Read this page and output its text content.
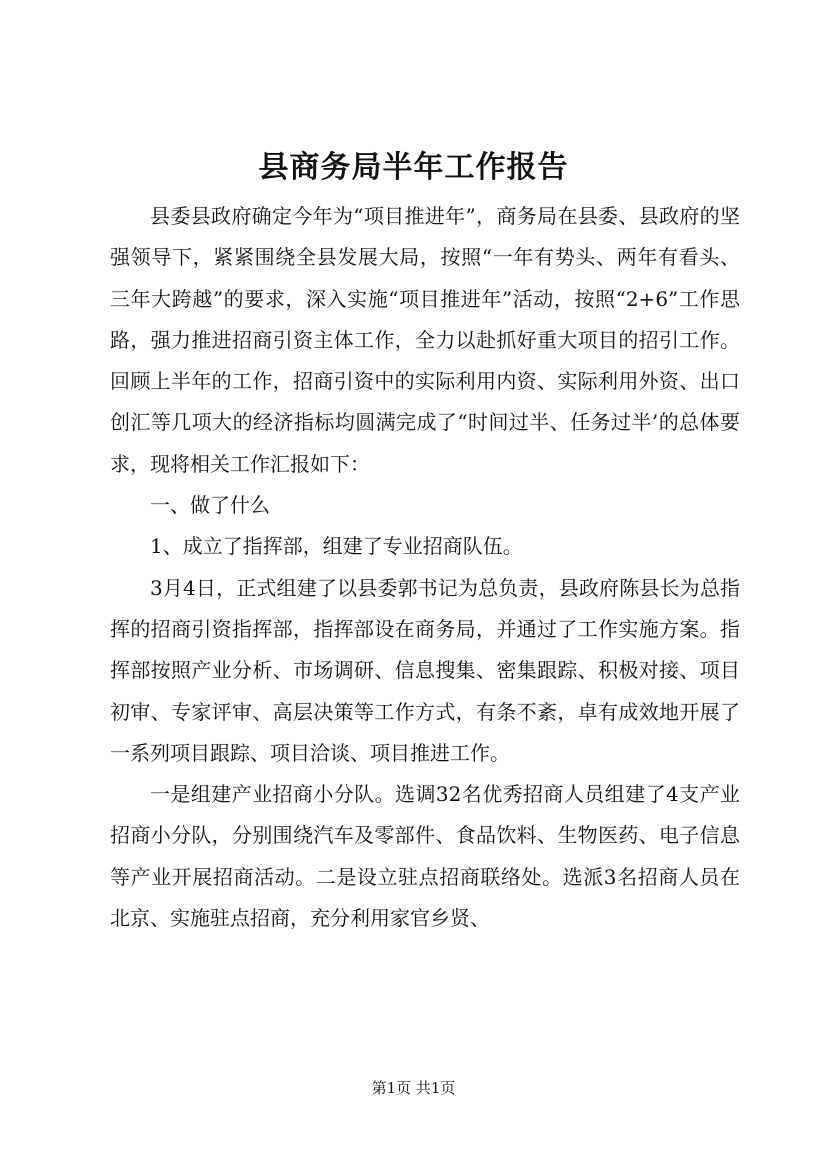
县商务局半年工作报告

县委县政府确定今年为“项目推进年”，商务局在县委、县政府的坚强领导下，紧紧围绕全县发展大局，按照“一年有势头、两年有看头、三年大跨越”的要求，深入实施“项目推进年”活动，按照“2+6”工作思路，强力推进招商引资主体工作，全力以赴抓好重大项目的招引工作。回顾上半年的工作，招商引资中的实际利用内资、实际利用外资、出口创汇等几项大的经济指标均圆满完成了“时间过半、任务过半’的总体要求，现将相关工作汇报如下：

一、做了什么

1、成立了指挥部，组建了专业招商队伍。

3月4日，正式组建了以县委郭书记为总负责，县政府陈县长为总指挥的招商引资指挥部，指挥部设在商务局，并通过了工作实施方案。指挥部按照产业分析、市场调研、信息搜集、密集跟踪、积极对接、项目初审、专家评审、高层决策等工作方式，有条不紊，卓有成效地开展了一系列项目跟踪、项目洽谈、项目推进工作。

一是组建产业招商小分队。选调32名优秀招商人员组建了4支产业招商小分队，分别围绕汽车及零部件、食品饮料、生物医药、电子信息等产业开展招商活动。二是设立驻点招商联络处。选派3名招商人员在北京、实施驻点招商，充分利用家官乡贤、

第1页 共1页
